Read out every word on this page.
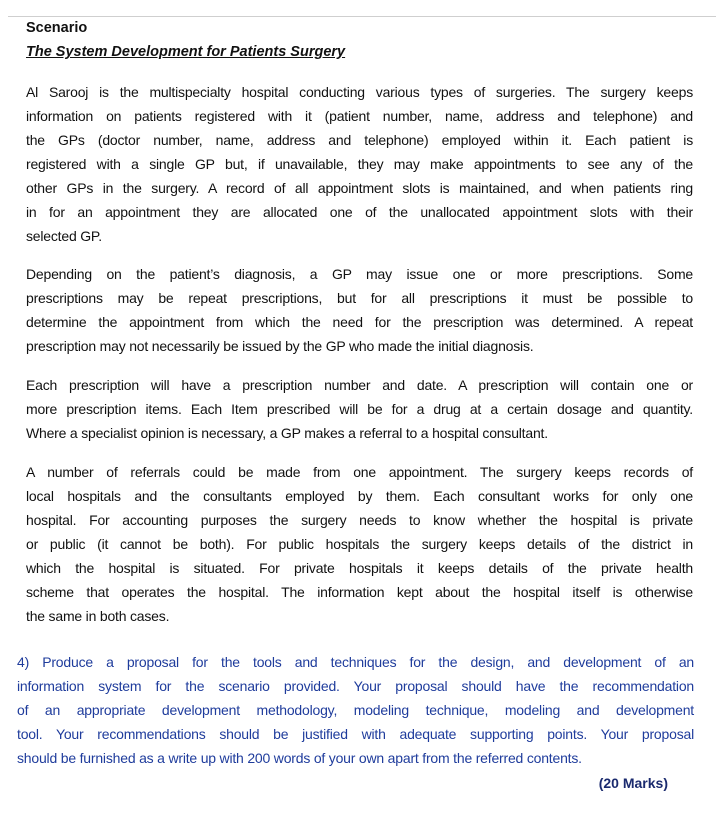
Scenario
The System Development for Patients Surgery
Al Sarooj is the multispecialty hospital conducting various types of surgeries. The surgery keeps
information on patients registered with it (patient number, name, address and telephone) and
the GPs (doctor number, name, address and telephone) employed within it. Each patient is
registered with a single GP but, if unavailable, they may make appointments to see any of the
other GPs in the surgery. A record of all appointment slots is maintained, and when patients ring
in for an appointment they are allocated one of the unallocated appointment slots with their
selected GP.
Depending on the patient’s diagnosis, a GP may issue one or more prescriptions. Some
prescriptions may be repeat prescriptions, but for all prescriptions it must be possible to
determine the appointment from which the need for the prescription was determined. A repeat
prescription may not necessarily be issued by the GP who made the initial diagnosis.
Each prescription will have a prescription number and date. A prescription will contain one or
more prescription items. Each Item prescribed will be for a drug at a certain dosage and quantity.
Where a specialist opinion is necessary, a GP makes a referral to a hospital consultant.
A number of referrals could be made from one appointment. The surgery keeps records of
local hospitals and the consultants employed by them. Each consultant works for only one
hospital. For accounting purposes the surgery needs to know whether the hospital is private
or public (it cannot be both). For public hospitals the surgery keeps details of the district in
which the hospital is situated. For private hospitals it keeps details of the private health
scheme that operates the hospital. The information kept about the hospital itself is otherwise
the same in both cases.
4) Produce a proposal for the tools and techniques for the design, and development of an
information system for the scenario provided. Your proposal should have the recommendation
of an appropriate development methodology, modeling technique, modeling and development
tool. Your recommendations should be justified with adequate supporting points. Your proposal
should be furnished as a write up with 200 words of your own apart from the referred contents.
(20 Marks)
